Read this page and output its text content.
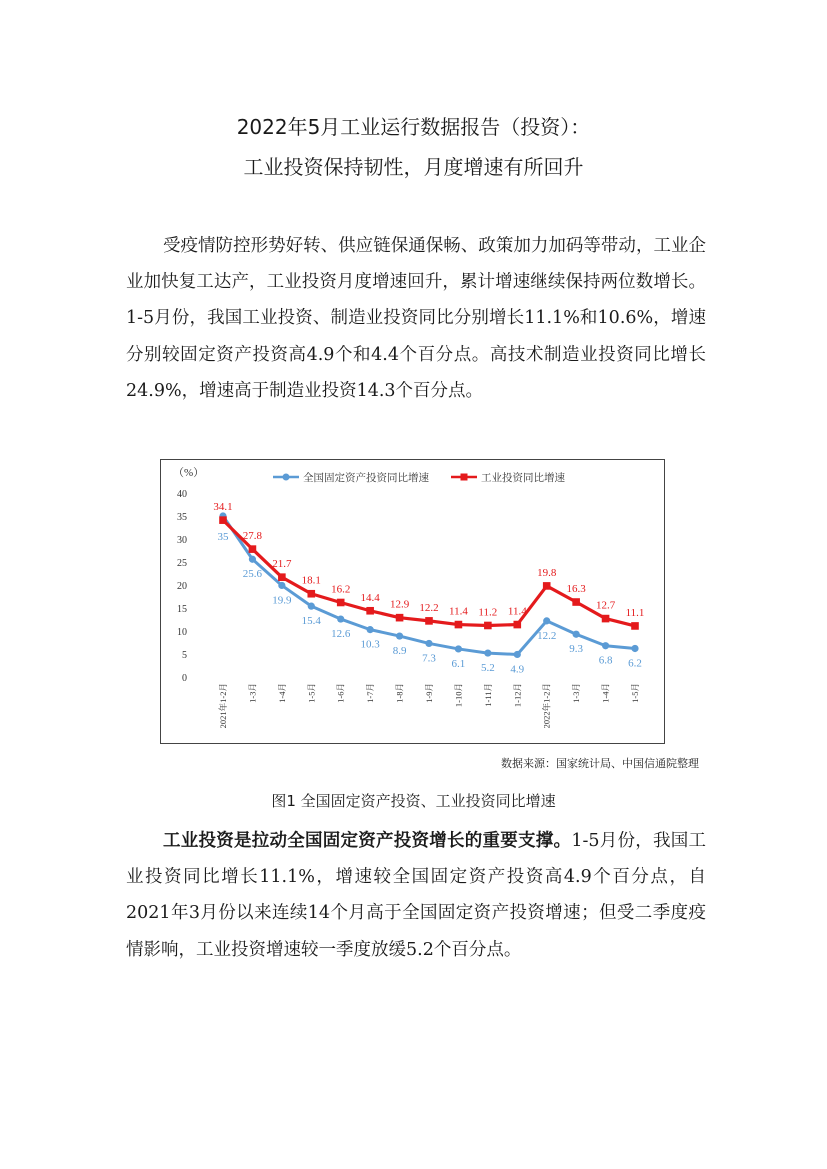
2022年5月工业运行数据报告（投资）：
工业投资保持韧性，月度增速有所回升

受疫情防控形势好转、供应链保通保畅、政策加力加码等带动，工业企业加快复工达产，工业投资月度增速回升，累计增速继续保持两位数增长。1-5月份，我国工业投资、制造业投资同比分别增长11.1%和10.6%，增速分别较固定资产投资高4.9个和4.4个百分点。高技术制造业投资同比增长24.9%，增速高于制造业投资14.3个百分点。

（%）
0
5
10
15
20
25
30
35
40
2021年1-2月 1-3月 1-4月 1-5月 1-6月 1-7月 1-8月 1-9月 1-10月 1-11月 1-12月 2022年1-2月 1-3月 1-4月 1-5月
全国固定资产投资同比增速	工业投资同比增速
35
25.6
19.9
15.4
12.6
10.3
8.9
7.3 6.1 5.2 4.9
12.2
9.3
6.8 6.2
34.1
27.8
21.7
18.1
16.2
14.4
12.9 12.2 11.4 11.2 11.4
19.8
16.3
12.7
11.1
数据来源：国家统计局、中国信通院整理
图1 全国固定资产投资、工业投资同比增速

工业投资是拉动全国固定资产投资增长的重要支撑。1-5月份，我国工业投资同比增长11.1%，增速较全国固定资产投资高4.9个百分点，自2021年3月份以来连续14个月高于全国固定资产投资增速；但受二季度疫情影响，工业投资增速较一季度放缓5.2个百分点。
